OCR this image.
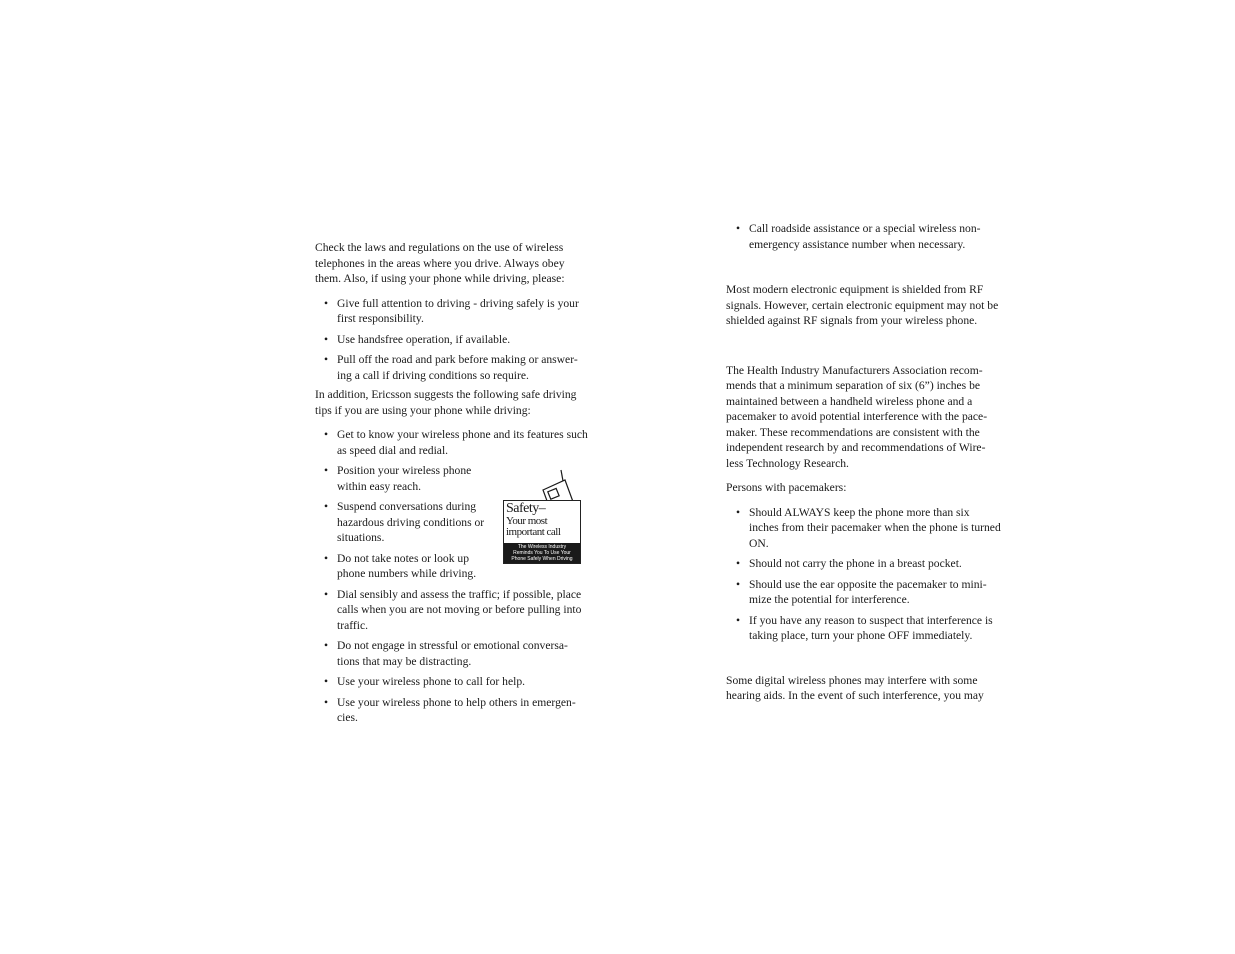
Check the laws and regulations on the use of wireless telephones in the areas where you drive. Always obey them. Also, if using your phone while driving, please:

• Give full attention to driving - driving safely is your first responsibility.
• Use handsfree operation, if available.
• Pull off the road and park before making or answer-ing a call if driving conditions so require.

In addition, Ericsson suggests the following safe driving tips if you are using your phone while driving:

• Get to know your wireless phone and its features such as speed dial and redial.
• Position your wireless phone within easy reach.
• Suspend conversations during hazardous driving conditions or situations.
• Do not take notes or look up phone numbers while driving.
• Dial sensibly and assess the traffic; if possible, place calls when you are not moving or before pulling into traffic.
• Do not engage in stressful or emotional conversa-tions that may be distracting.
• Use your wireless phone to call for help.
• Use your wireless phone to help others in emergen-cies.
Safety–
Your most
important call
The Wireless Industry
Reminds You To Use Your
Phone Safely When Driving
• Call roadside assistance or a special wireless non-emergency assistance number when necessary.

Most modern electronic equipment is shielded from RF signals. However, certain electronic equipment may not be shielded against RF signals from your wireless phone.

The Health Industry Manufacturers Association recom-mends that a minimum separation of six (6”) inches be maintained between a handheld wireless phone and a pacemaker to avoid potential interference with the pace-maker. These recommendations are consistent with the independent research by and recommendations of Wire-less Technology Research.

Persons with pacemakers:

• Should ALWAYS keep the phone more than six inches from their pacemaker when the phone is turned ON.
• Should not carry the phone in a breast pocket.
• Should use the ear opposite the pacemaker to mini-mize the potential for interference.
• If you have any reason to suspect that interference is taking place, turn your phone OFF immediately.

Some digital wireless phones may interfere with some hearing aids. In the event of such interference, you may
